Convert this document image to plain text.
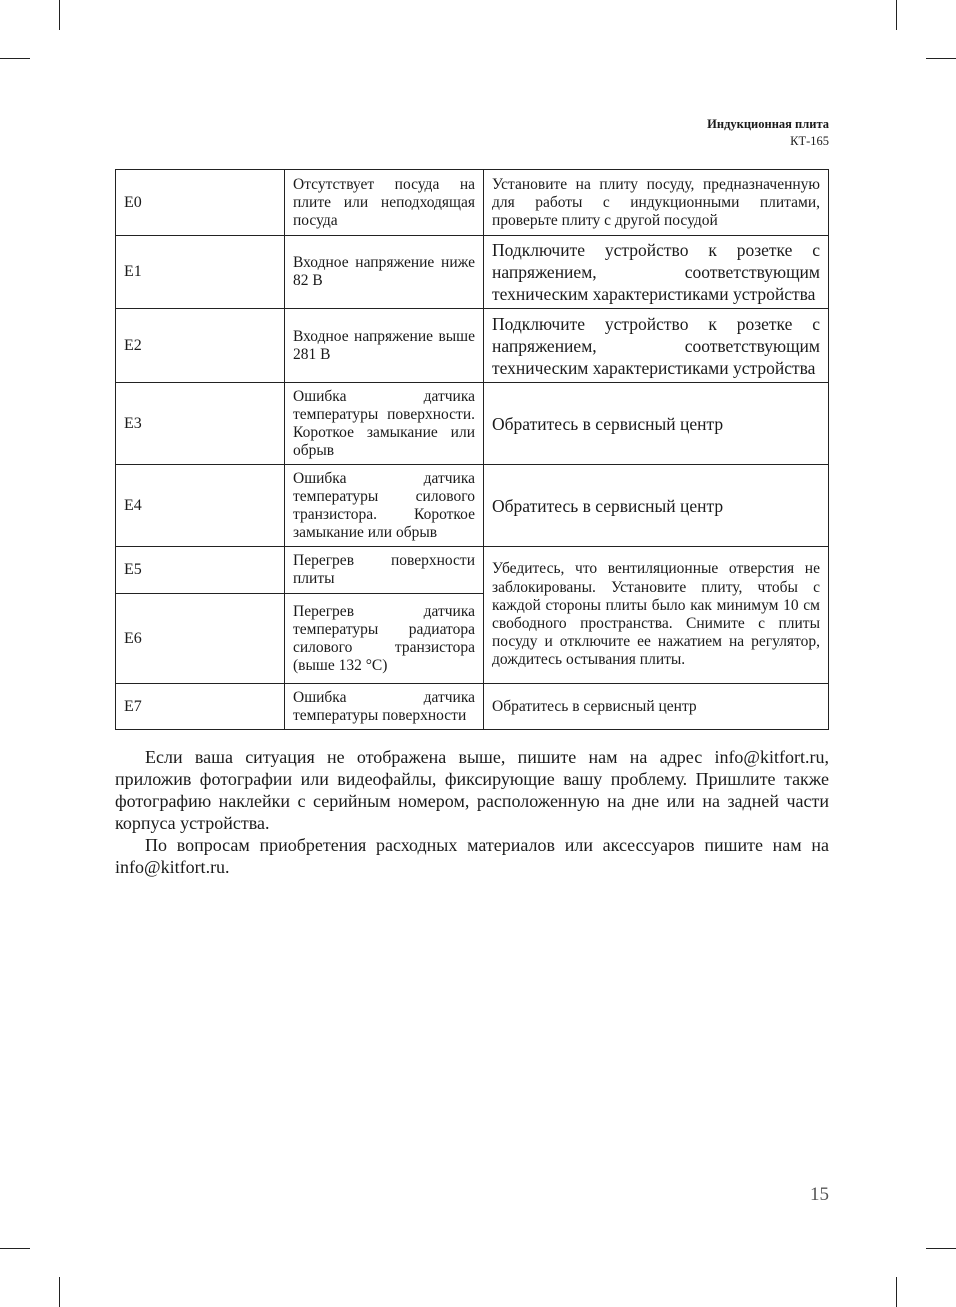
Индукционная плита
КТ-165
E0	Отсутствует посуда на плите или неподходящая посуда	Установите на плиту посуду, предназначенную для работы с индукционными плитами, проверьте плиту с другой посудой
E1	Входное напряжение ниже 82 В	Подключите устройство к розетке с напряжением, соответствующим техническим характеристиками устройства
E2	Входное напряжение выше 281 В	Подключите устройство к розетке с напряжением, соответствующим техническим характеристиками устройства
E3	Ошибка датчика температуры поверхности. Короткое замыкание или обрыв	Обратитесь в сервисный центр
E4	Ошибка датчика температуры силового транзистора. Короткое замыкание или обрыв	Обратитесь в сервисный центр
E5	Перегрев поверхности плиты	Убедитесь, что вентиляционные отверстия не заблокированы. Установите плиту, чтобы с каждой стороны плиты было как минимум 10 см свободного пространства. Снимите с плиты посуду и отключите ее нажатием на регулятор, дождитесь остывания плиты.
E6	Перегрев датчика температуры радиатора силового транзистора (выше 132 °C)	
E7	Ошибка датчика температуры поверхности	Обратитесь в сервисный центр

Если ваша ситуация не отображена выше, пишите нам на адрес info@kitfort.ru, приложив фотографии или видеофайлы, фиксирующие вашу проблему. Пришлите также фотографию наклейки с серийным номером, расположенную на дне или на задней части корпуса устройства.

По вопросам приобретения расходных материалов или аксессуаров пишите нам на info@kitfort.ru.

15
